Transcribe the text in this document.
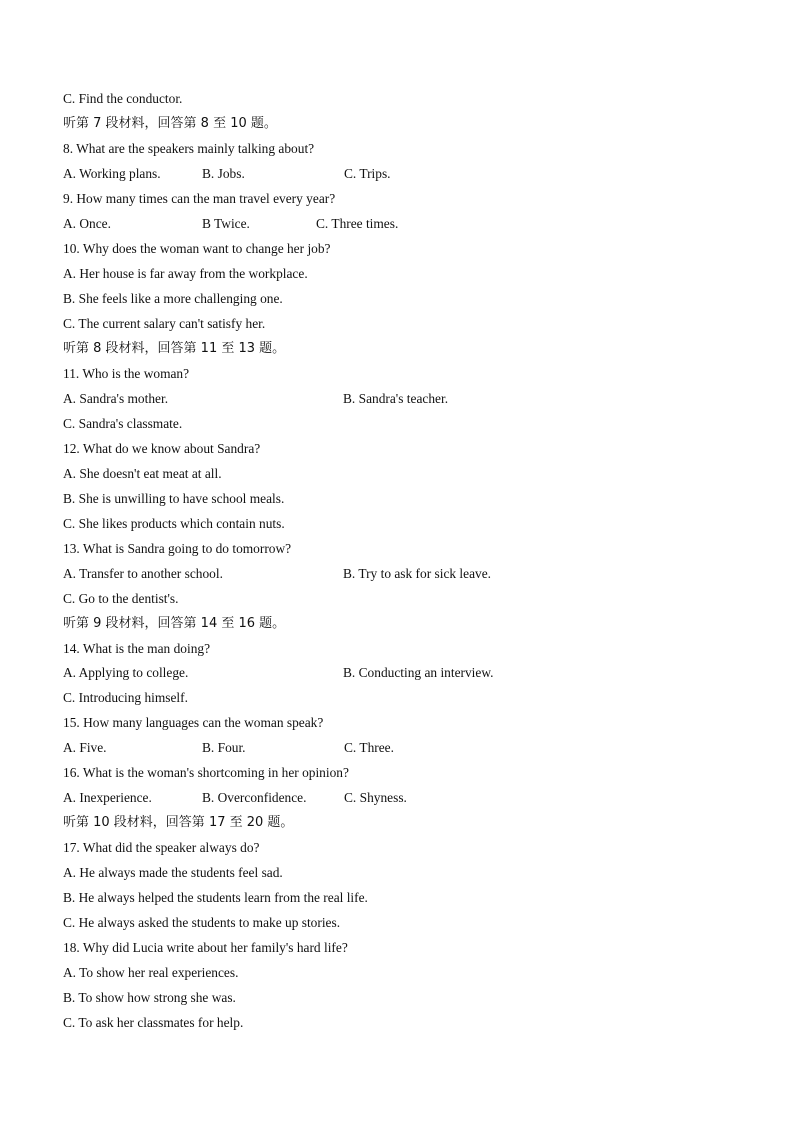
C. Find the conductor.
听第 7 段材料，回答第 8 至 10 题。
8. What are the speakers mainly talking about?
A. Working plans.	B. Jobs.	C. Trips.
9. How many times can the man travel every year?
A. Once.	B Twice.	C. Three times.
10. Why does the woman want to change her job?
A. Her house is far away from the workplace.
B. She feels like a more challenging one.
C. The current salary can't satisfy her.
听第 8 段材料，回答第 11 至 13 题。
11. Who is the woman?
A. Sandra's mother.	B. Sandra's teacher.
C. Sandra's classmate.
12. What do we know about Sandra?
A. She doesn't eat meat at all.
B. She is unwilling to have school meals.
C. She likes products which contain nuts.
13. What is Sandra going to do tomorrow?
A. Transfer to another school.	B. Try to ask for sick leave.
C. Go to the dentist's.
听第 9 段材料，回答第 14 至 16 题。
14. What is the man doing?
A. Applying to college.	B. Conducting an interview.
C. Introducing himself.
15. How many languages can the woman speak?
A. Five.	B. Four.	C. Three.
16. What is the woman's shortcoming in her opinion?
A. Inexperience.	B. Overconfidence.	C. Shyness.
听第 10 段材料，回答第 17 至 20 题。
17. What did the speaker always do?
A. He always made the students feel sad.
B. He always helped the students learn from the real life.
C. He always asked the students to make up stories.
18. Why did Lucia write about her family's hard life?
A. To show her real experiences.
B. To show how strong she was.
C. To ask her classmates for help.
